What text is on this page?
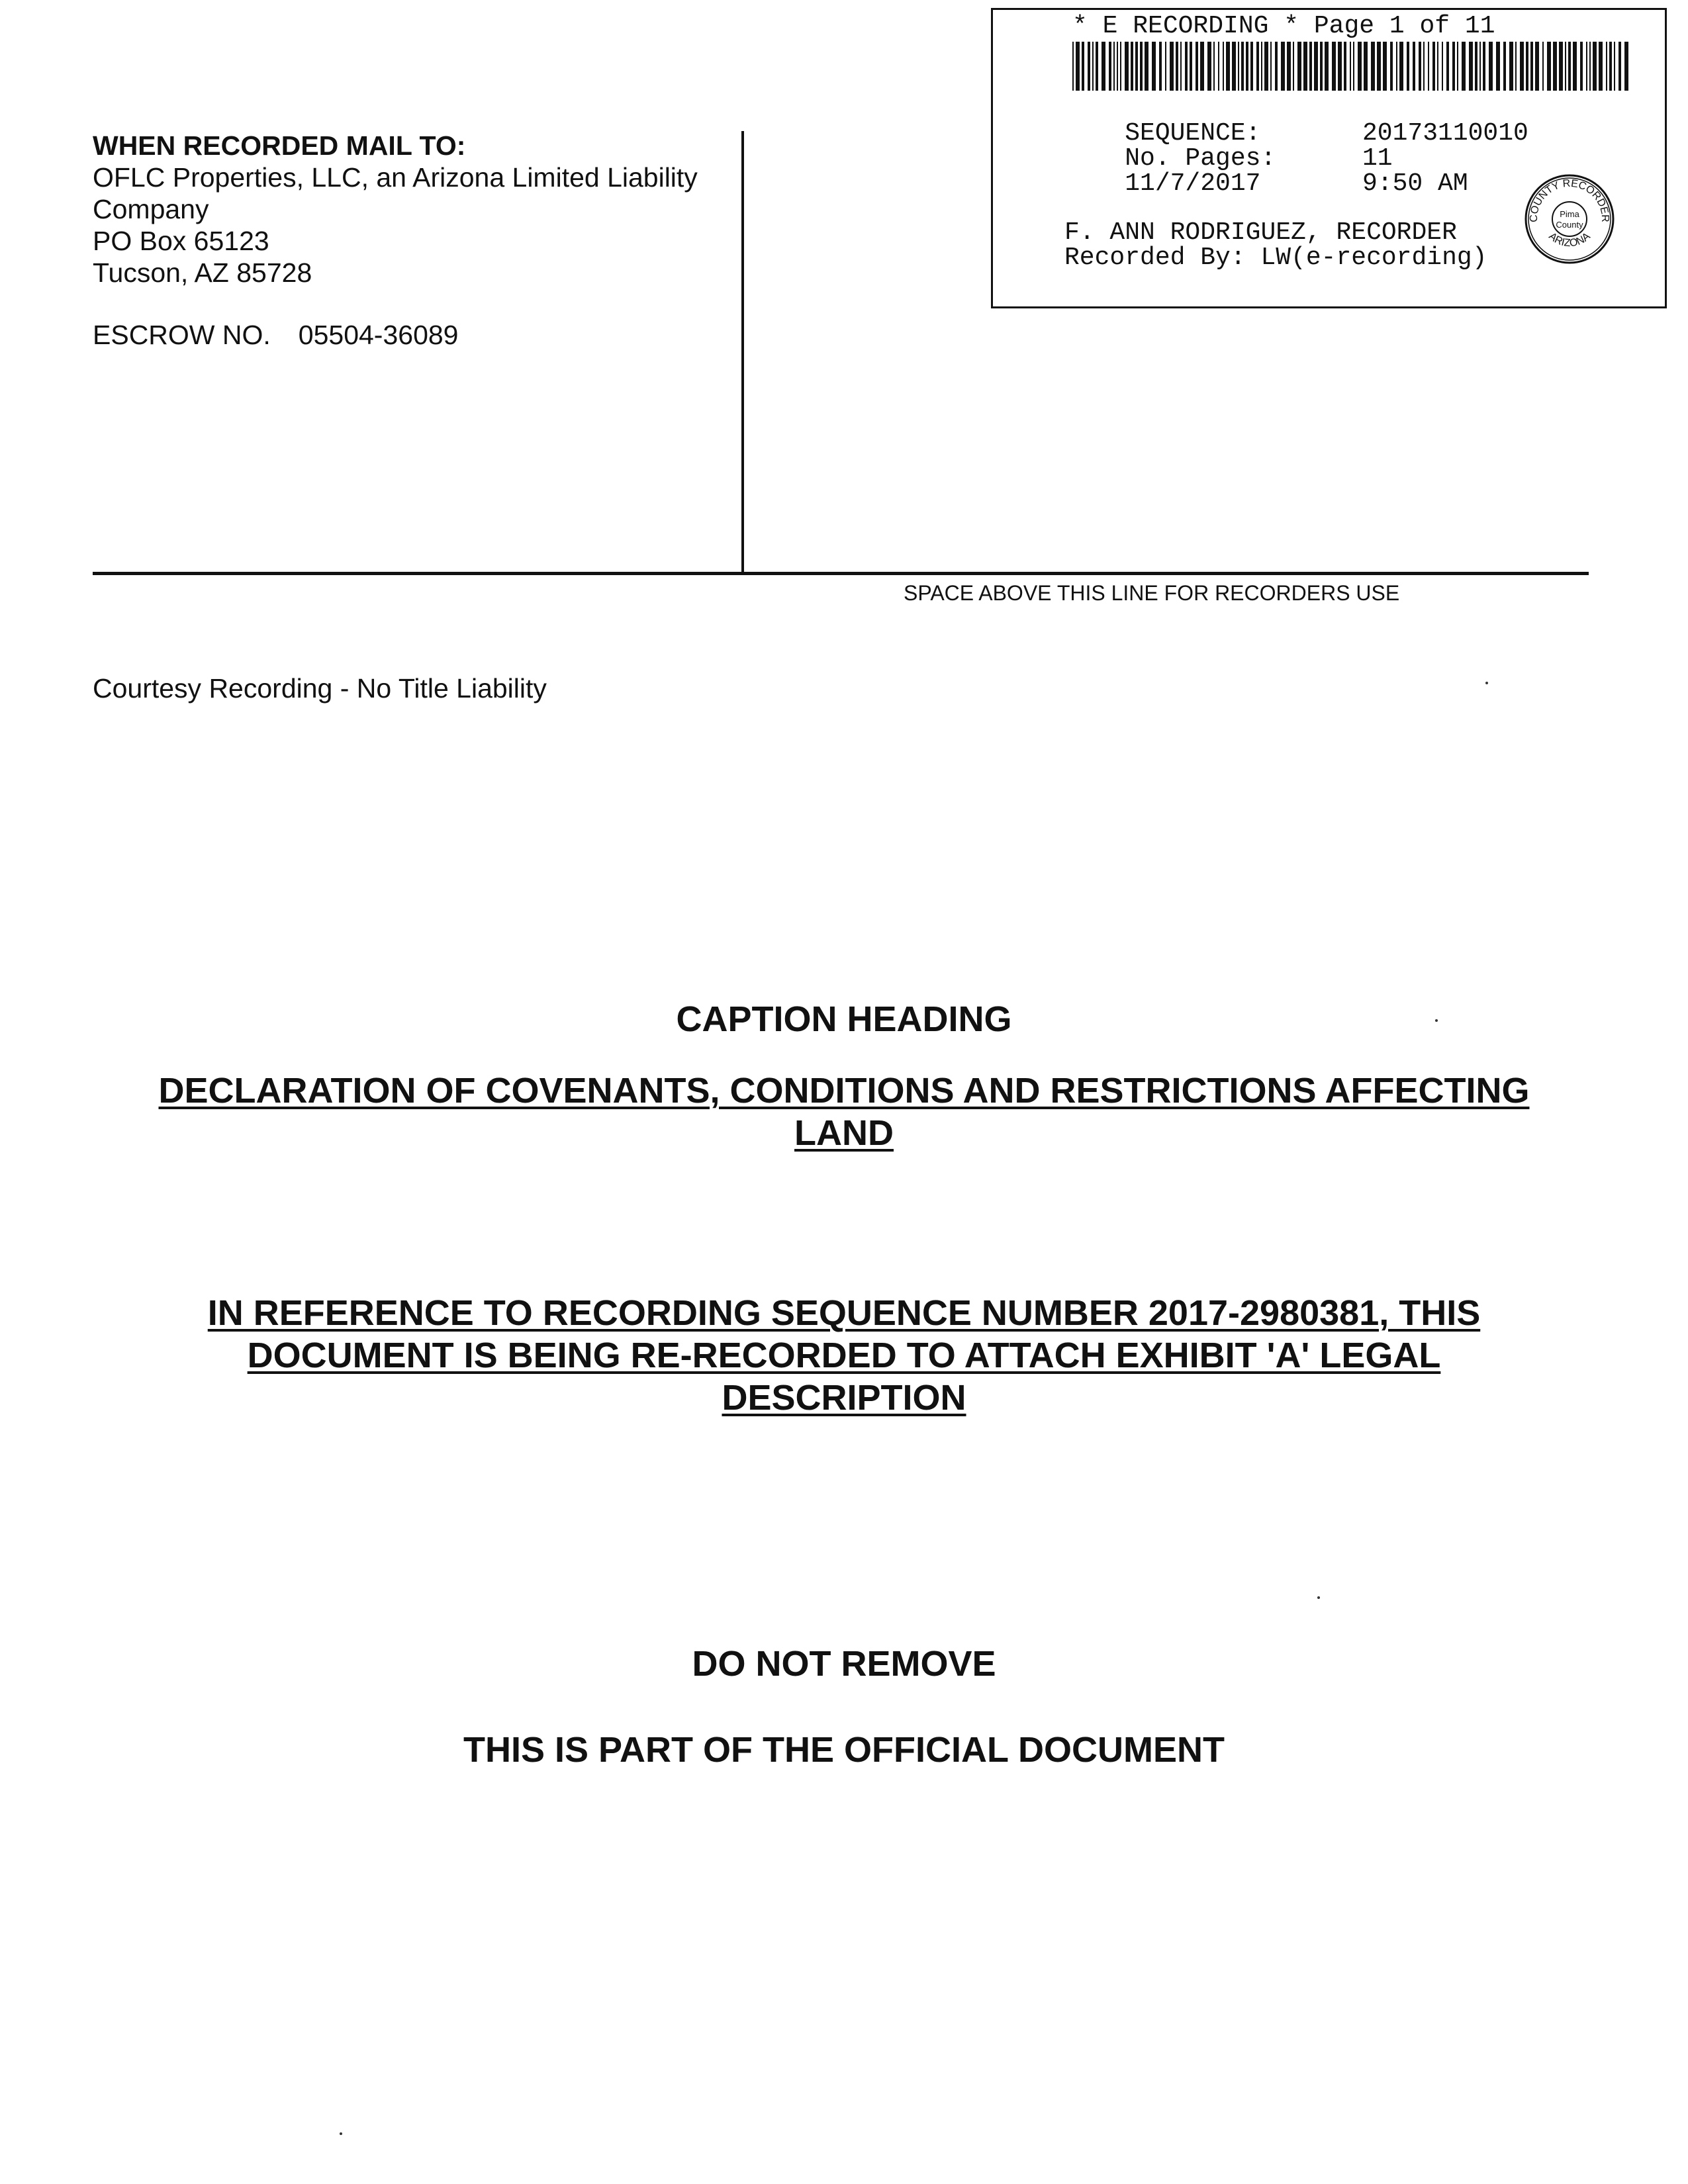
WHEN RECORDED MAIL TO:
OFLC Properties, LLC, an Arizona Limited Liability
Company
PO Box 65123
Tucson, AZ 85728
ESCROW NO. 05504-36089
SPACE ABOVE THIS LINE FOR RECORDERS USE
* E RECORDING * Page 1 of 11

SEQUENCE:	20173110010

No. Pages:	11

11/7/2017	9:50 AM

F. ANN RODRIGUEZ, RECORDER
Recorded By: LW(e-recording)
COUNTY RECORDER
Pima
County
ARIZONA
Courtesy Recording - No Title Liability
CAPTION HEADING
DECLARATION OF COVENANTS, CONDITIONS AND RESTRICTIONS AFFECTING
LAND
IN REFERENCE TO RECORDING SEQUENCE NUMBER 2017-2980381, THIS
DOCUMENT IS BEING RE-RECORDED TO ATTACH EXHIBIT 'A' LEGAL
DESCRIPTION
DO NOT REMOVE
THIS IS PART OF THE OFFICIAL DOCUMENT
